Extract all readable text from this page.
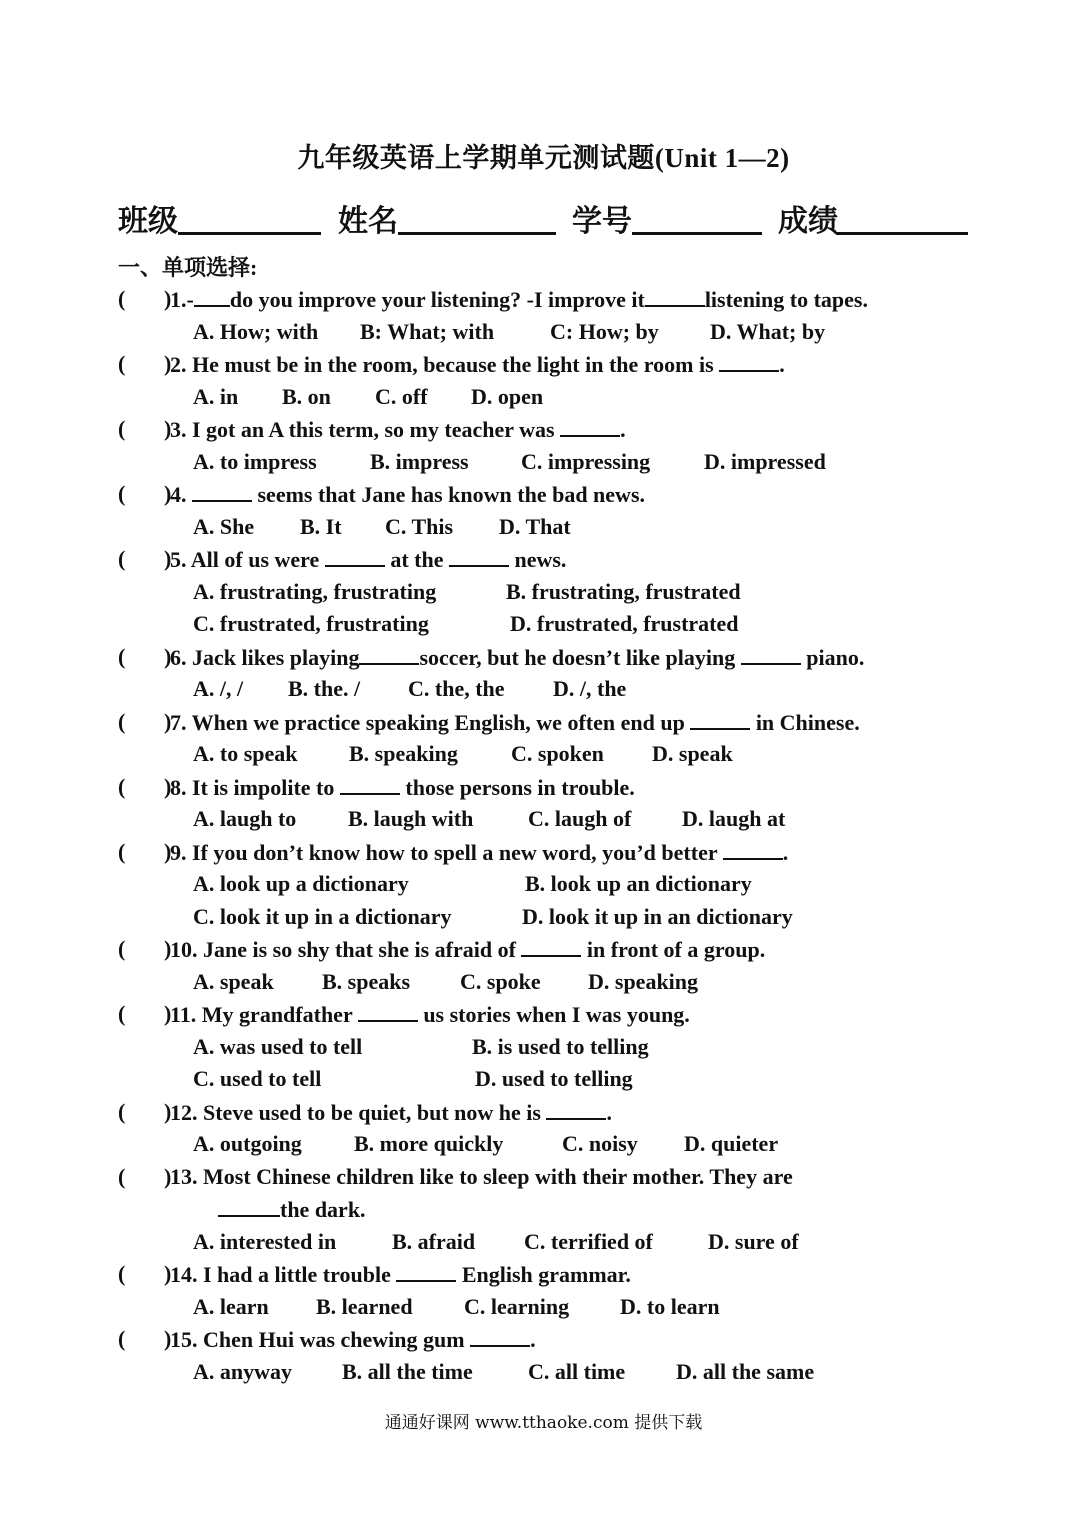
九年级英语上学期单元测试题(Unit 1—2)
班级	姓名	学号	成绩
一、单项选择:
( )
1.- do you improve your listening? -I improve it	listening to tapes.
A. How; with B: What; with	C: How; by D. What; by
( )
2. He must be in the room, because the light in the room is	.
A. in B. on C. off D. open
( )
3. I got an A this term, so my teacher was	.
A. to impress B. impress C. impressing D. impressed
( )
4.	seems that Jane has known the bad news.
A. She B. It C. This D. That
( )
5. All of us were	at the	news.
A. frustrating, frustrating	B. frustrating, frustrated
C. frustrated, frustrating	D. frustrated, frustrated
( )
6. Jack likes playing	soccer, but he doesn’t like playing	piano.
A. /, / B. the. / C. the, the D. /, the
( )
7. When we practice speaking English, we often end up	in Chinese.
A. to speak B. speaking C. spoken D. speak
( )
8. It is impolite to	those persons in trouble.
A. laugh to B. laugh with C. laugh of D. laugh at
( )
9. If you don’t know how to spell a new word, you’d better	.
A. look up a dictionary	B. look up an dictionary
C. look it up in a dictionary	D. look it up in an dictionary
( )
10. Jane is so shy that she is afraid of	in front of a group.
A. speak B. speaks C. spoke D. speaking
( )
11. My grandfather	us stories when I was young.
A. was used to tell	B. is used to telling
C. used to tell	D. used to telling
( )
12. Steve used to be quiet, but now he is	.
A. outgoing B. more quickly	C. noisy D. quieter
( )
13. Most Chinese children like to sleep with their mother. They are
the dark.
A. interested in	B. afraid C. terrified of	D. sure of
( )
14. I had a little trouble	English grammar.
A. learn B. learned C. learning D. to learn
( )
15. Chen Hui was chewing gum	.
A. anyway B. all the time	C. all time D. all the same
通通好课网 www.tthaoke.com 提供下载
